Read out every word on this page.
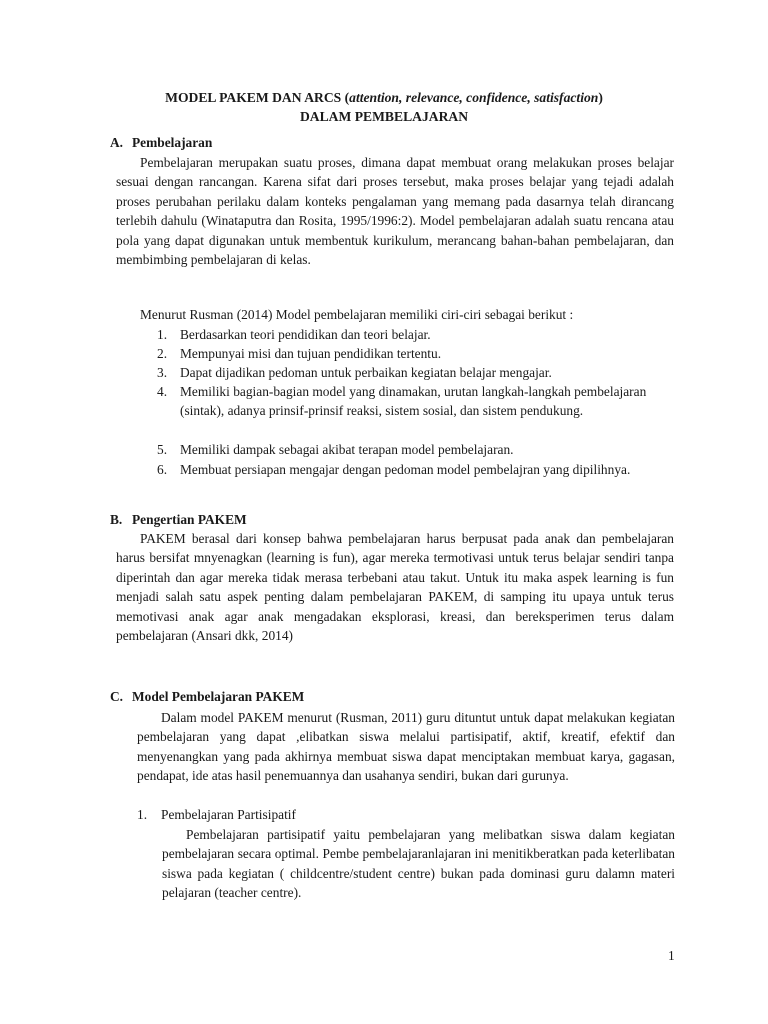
MODEL PAKEM DAN ARCS (attention, relevance, confidence, satisfaction)
DALAM PEMBELAJARAN
A. Pembelajaran
Pembelajaran merupakan suatu proses, dimana dapat membuat orang melakukan proses belajar sesuai dengan rancangan. Karena sifat dari proses tersebut, maka proses belajar yang tejadi adalah proses perubahan perilaku dalam konteks pengalaman yang memang pada dasarnya telah dirancang terlebih dahulu (Winataputra dan Rosita, 1995/1996:2). Model pembelajaran adalah suatu rencana atau pola yang dapat digunakan untuk membentuk kurikulum, merancang bahan-bahan pembelajaran, dan membimbing pembelajaran di kelas.
Menurut Rusman (2014) Model pembelajaran memiliki ciri-ciri sebagai berikut :
1. Berdasarkan teori pendidikan dan teori belajar.
2. Mempunyai misi dan tujuan pendidikan tertentu.
3. Dapat dijadikan pedoman untuk perbaikan kegiatan belajar mengajar.
4. Memiliki bagian-bagian model yang dinamakan, urutan langkah-langkah pembelajaran (sintak), adanya prinsif-prinsif reaksi, sistem sosial, dan sistem pendukung.
5. Memiliki dampak sebagai akibat terapan model pembelajaran.
6. Membuat persiapan mengajar dengan pedoman model pembelajran yang dipilihnya.
B. Pengertian PAKEM
PAKEM berasal dari konsep bahwa pembelajaran harus berpusat pada anak dan pembelajaran harus bersifat mnyenagkan (learning is fun), agar mereka termotivasi untuk terus belajar sendiri tanpa diperintah dan agar mereka tidak merasa terbebani atau takut. Untuk itu maka aspek learning is fun menjadi salah satu aspek penting dalam pembelajaran PAKEM, di samping itu upaya untuk terus memotivasi anak agar anak mengadakan eksplorasi, kreasi, dan bereksperimen terus dalam pembelajaran (Ansari dkk, 2014)
C. Model Pembelajaran PAKEM
Dalam model PAKEM menurut (Rusman, 2011) guru dituntut untuk dapat melakukan kegiatan pembelajaran yang dapat ,elibatkan siswa melalui partisipatif, aktif, kreatif, efektif dan menyenangkan yang pada akhirnya membuat siswa dapat menciptakan membuat karya, gagasan, pendapat, ide atas hasil penemuannya dan usahanya sendiri, bukan dari gurunya.
1. Pembelajaran Partisipatif
Pembelajaran partisipatif yaitu pembelajaran yang melibatkan siswa dalam kegiatan pembelajaran secara optimal. Pembe pembelajaranlajaran ini menitikberatkan pada keterlibatan siswa pada kegiatan ( childcentre/student centre) bukan pada dominasi guru dalamn materi pelajaran (teacher centre).
1
